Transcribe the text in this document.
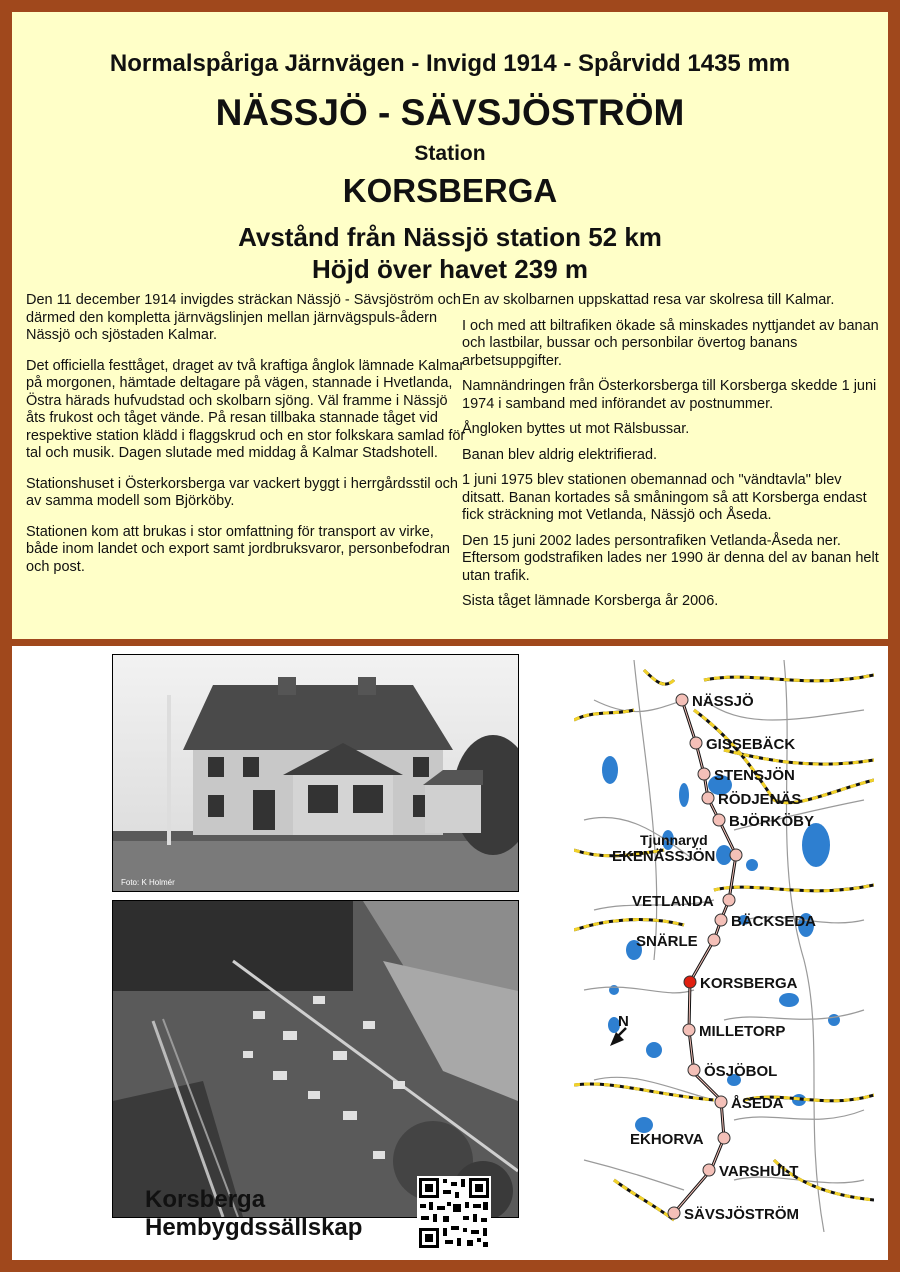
Normalspåriga Järnvägen - Invigd 1914 - Spårvidd 1435 mm
NÄSSJÖ - SÄVSJÖSTRÖM
Station
KORSBERGA
Avstånd från Nässjö station 52 km
Höjd över havet 239 m

Den 11 december 1914 invigdes sträckan Nässjö - Sävsjöström och därmed den kompletta järnvägslinjen mellan järnvägspuls-ådern Nässjö och sjöstaden Kalmar.

Det officiella festtåget, draget av två kraftiga ånglok lämnade Kalmar på morgonen, hämtade deltagare på vägen, stannade i Hvetlanda, Östra härads hufvudstad och skolbarn sjöng. Väl framme i Nässjö åts frukost och tåget vände. På resan tillbaka stannade tåget vid respektive station klädd i flaggskrud och en stor folkskara samlad för tal och musik. Dagen slutade med middag å Kalmar Stadshotell.

Stationshuset i Österkorsberga var vackert byggt i herrgårdsstil och av samma modell som Björköby.

Stationen kom att brukas i stor omfattning för transport av virke, både inom landet och export samt jordbruksvaror, personbefodran och post.

En av skolbarnen uppskattad resa var skolresa till Kalmar.

I och med att biltrafiken ökade så minskades nyttjandet av banan och lastbilar, bussar och personbilar övertog banans arbetsuppgifter.

Namnändringen från Österkorsberga till Korsberga skedde 1 juni 1974 i samband med införandet av postnummer.

Ångloken byttes ut mot Rälsbussar.

Banan blev aldrig elektrifierad.

1 juni 1975 blev stationen obemannad och "vändtavla" blev ditsatt. Banan kortades så småningom så att Korsberga endast fick sträckning mot Vetlanda, Nässjö och Åseda.

Den 15 juni 2002 lades persontrafiken Vetlanda-Åseda ner. Eftersom godstrafiken lades ner 1990 är denna del av banan helt utan trafik.

Sista tåget lämnade Korsberga år 2006.

Foto: K Holmér
Korsberga
Hembygdssällskap
N
NÄSSJÖ
GISSEBÄCK
STENSJÖN
RÖDJENÄS
BJÖRKÖBY
Tjunnaryd
EKENÄSSJÖN
VETLANDA
BÄCKSEDA
SNÄRLE
KORSBERGA
MILLETORP
ÖSJÖBOL
ÅSEDA
EKHORVA
VARSHULT
SÄVSJÖSTRÖM
